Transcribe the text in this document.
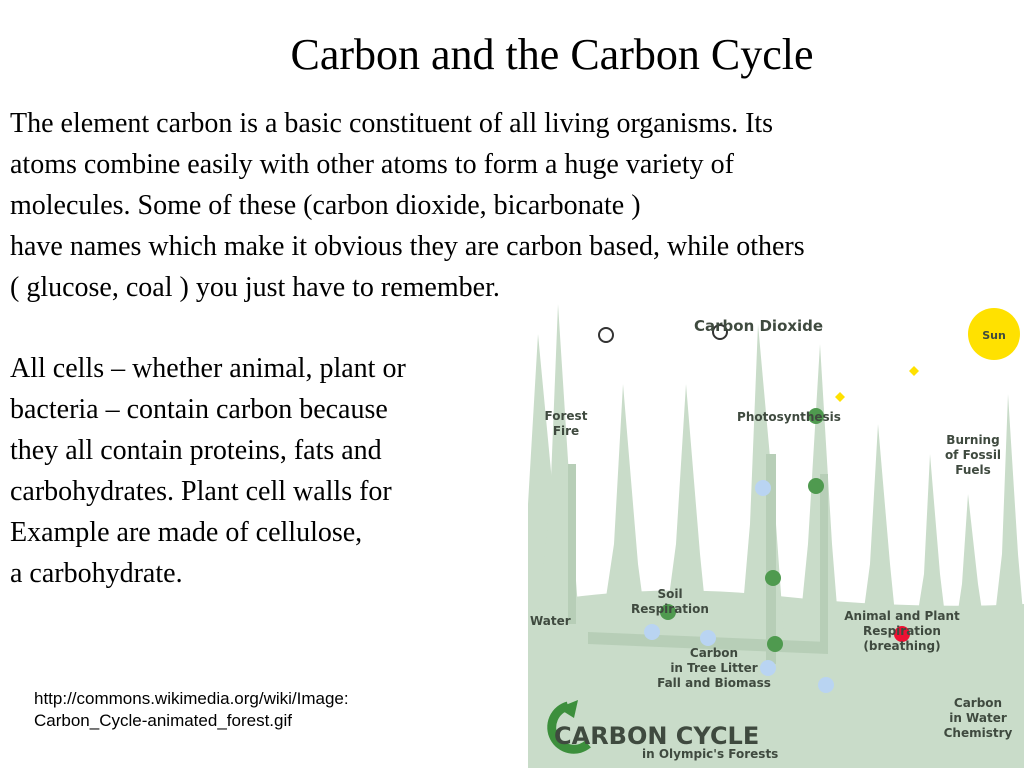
Carbon and the Carbon Cycle
The element carbon is a basic constituent of all living organisms. Its
atoms combine easily with other atoms to form a huge variety of
molecules. Some of these (carbon dioxide, bicarbonate )
have names which make it obvious they are carbon based, while others
( glucose, coal ) you just have to remember.
All cells – whether animal, plant or
bacteria – contain carbon because
they all contain proteins, fats and
carbohydrates. Plant cell walls for
Example are made of cellulose,
a carbohydrate.
http://commons.wikimedia.org/wiki/Image:
Carbon_Cycle-animated_forest.gif
Sun
Carbon Dioxide
Forest
Fire
Photosynthesis
Burning
of Fossil
Fuels
Soil
Respiration
Water	Animal and Plant
Respiration
(breathing)
Carbon
in Tree Litter
Fall and Biomass
Carbon
in Water
Chemistry
CARBON CYCLE
in Olympic's Forests
